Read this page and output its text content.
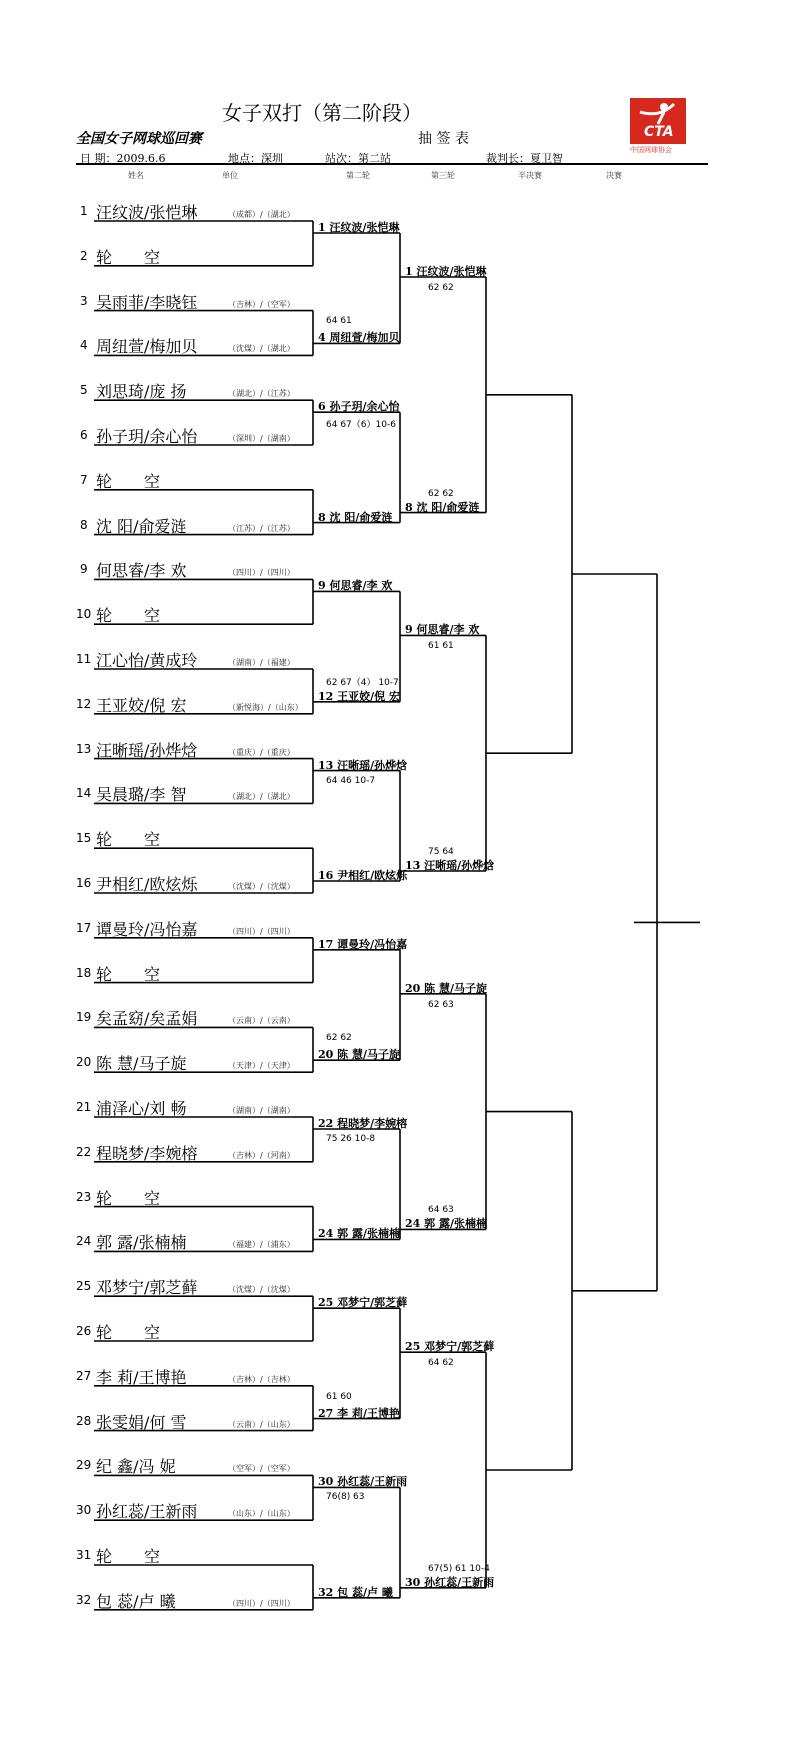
女子双打（第二阶段）
全国女子网球巡回赛	抽 签 表
日 期：2009.6.6	地点：深圳	站次：第二站	裁判长：夏卫智
CTA
中国网球协会
姓名	单位	第二轮	第三轮	半决赛	决赛
1 汪纹波/张恺琳	（成都）/（湖北）
2 轮　　空
3 吴雨菲/李晓钰	（吉林）/（空军）
4 周纽萱/梅加贝	（沈煤）/（湖北）
5 刘思琦/庞 扬	（湖北）/（江苏）
6 孙子玥/余心怡	（深圳）/（湖南）
7 轮　　空
8 沈 阳/俞爱涟	（江苏）/（江苏）
9 何思睿/李 欢	（四川）/（四川）
10 轮　　空
11 江心怡/黄成玲	（湖南）/（福建）
12 王亚姣/倪 宏	（新悦海）/（山东）
13 汪晰瑶/孙烨焓	（重庆）/（重庆）
14 吴晨璐/李 智	（湖北）/（湖北）
15 轮　　空
16 尹相红/欧炫烁	（沈煤）/（沈煤）
17 谭曼玲/冯怡嘉	（四川）/（四川）
18 轮　　空
19 矣孟窈/矣孟娟	（云南）/（云南）
20 陈 慧/马子旋	（天津）/（天津）
21 浦泽心/刘 畅	（湖南）/（湖南）
22 程晓梦/李婉榕	（吉林）/（河南）
23 轮　　空
24 郭 露/张楠楠	（福建）/（浦东）
25 邓梦宁/郭芝藓	（沈煤）/（沈煤）
26 轮　　空
27 李 莉/王博艳	（吉林）/（吉林）
28 张雯娟/何 雪	（云南）/（山东）
29 纪 鑫/冯 妮	（空军）/（空军）
30 孙红蕊/王新雨	（山东）/（山东）
31 轮　　空
32 包 蕊/卢 曦	（四川）/（四川）
1 汪纹波/张恺琳
4 周纽萱/梅加贝
64 61
6 孙子玥/余心怡
64 67（6）10-6
8 沈 阳/俞爱涟
9 何思睿/李 欢
12 王亚姣/倪 宏
62 67（4） 10-7
13 汪晰瑶/孙烨焓
64 46 10-7
16 尹相红/欧炫烁
17 谭曼玲/冯怡嘉
20 陈 慧/马子旋
62 62
22 程晓梦/李婉榕
75 26 10-8
24 郭 露/张楠楠
25 邓梦宁/郭芝藓
27 李 莉/王博艳
61 60
30 孙红蕊/王新雨
76(8) 63
32 包 蕊/卢 曦
1 汪纹波/张恺琳
62 62
8 沈 阳/俞爱涟
62 62
9 何思睿/李 欢
61 61
13 汪晰瑶/孙烨焓
75 64
20 陈 慧/马子旋
62 63
24 郭 露/张楠楠
64 63
25 邓梦宁/郭芝藓
64 62
30 孙红蕊/王新雨
67(5) 61 10-4
